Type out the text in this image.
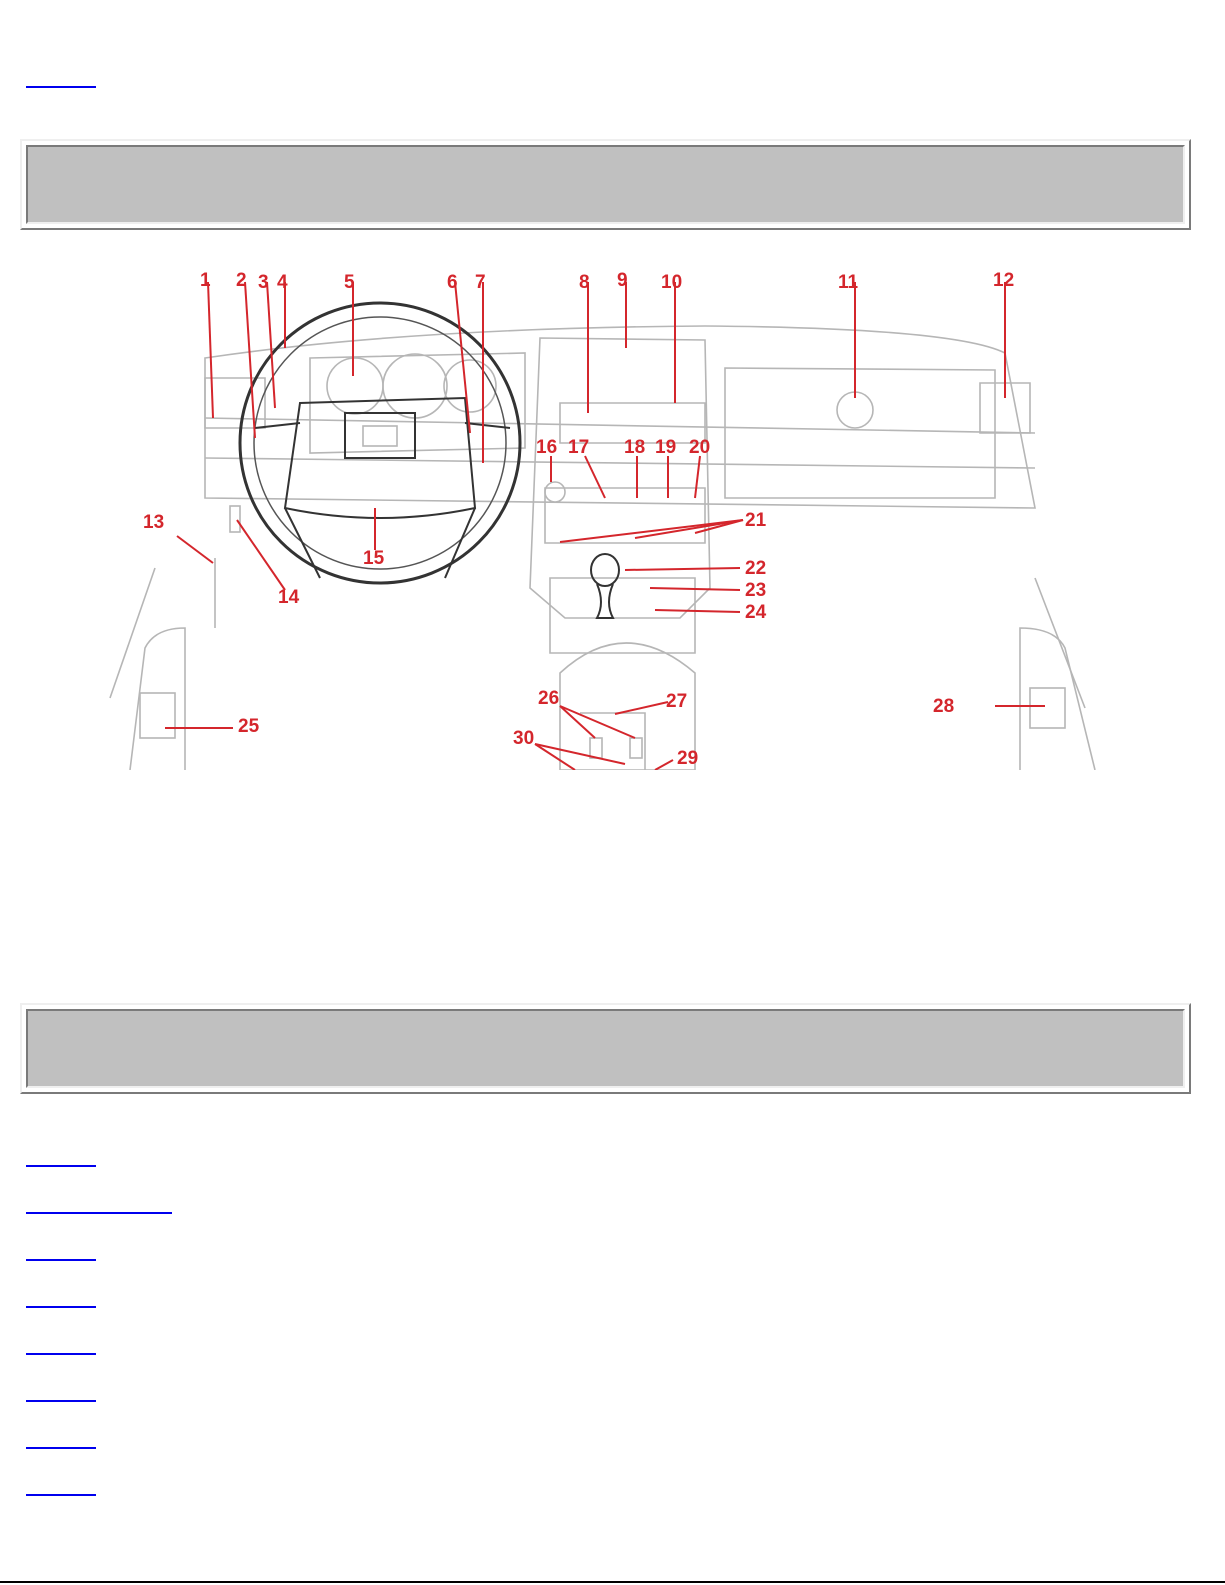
1 2 3 4	5	6 7	8 9 10	11	12
13
14
15
16 17 18 19 20
21
22
23
24
25
26	27	28
29
30
